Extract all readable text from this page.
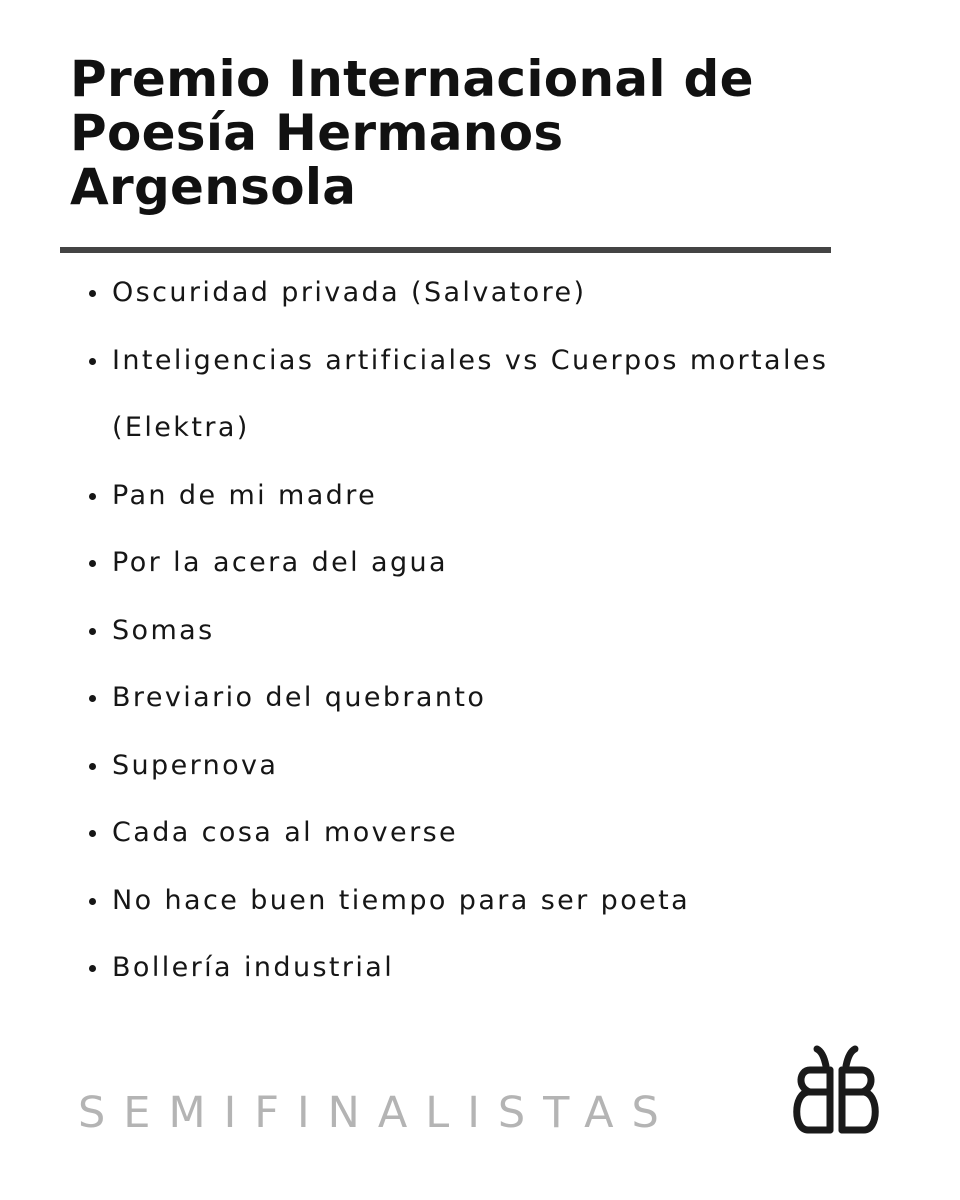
Premio Internacional de Poesía Hermanos Argensola
Oscuridad privada (Salvatore)
Inteligencias artificiales vs Cuerpos mortales (Elektra)
Pan de mi madre
Por la acera del agua
Somas
Breviario del quebranto
Supernova
Cada cosa al moverse
No hace buen tiempo para ser poeta
Bollería industrial
SEMIFINALISTAS
